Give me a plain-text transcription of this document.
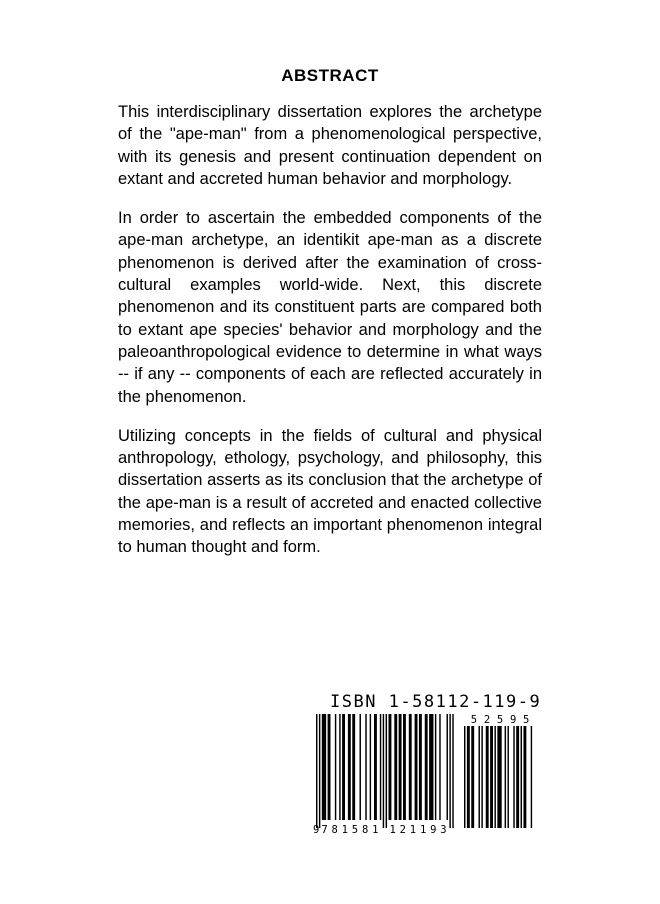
ABSTRACT

This interdisciplinary dissertation explores the archetype of the "ape-man" from a phenomenological perspective, with its genesis and present continuation dependent on extant and accreted human behavior and morphology.

In order to ascertain the embedded components of the ape-man archetype, an identikit ape-man as a discrete phenomenon is derived after the examination of cross-cultural examples world-wide. Next, this discrete phenomenon and its constituent parts are compared both to extant ape species' behavior and morphology and the paleoanthropological evidence to determine in what ways -- if any -- components of each are reflected accurately in the phenomenon.

Utilizing concepts in the fields of cultural and physical anthropology, ethology, psychology, and philosophy, this dissertation asserts as its conclusion that the archetype of the ape-man is a result of accreted and enacted collective memories, and reflects an important phenomenon integral to human thought and form.

ISBN 1-58112-119-9
9 7 8 1 5 8 1 1 2 1 1 9 3
5 2 5 9 5
